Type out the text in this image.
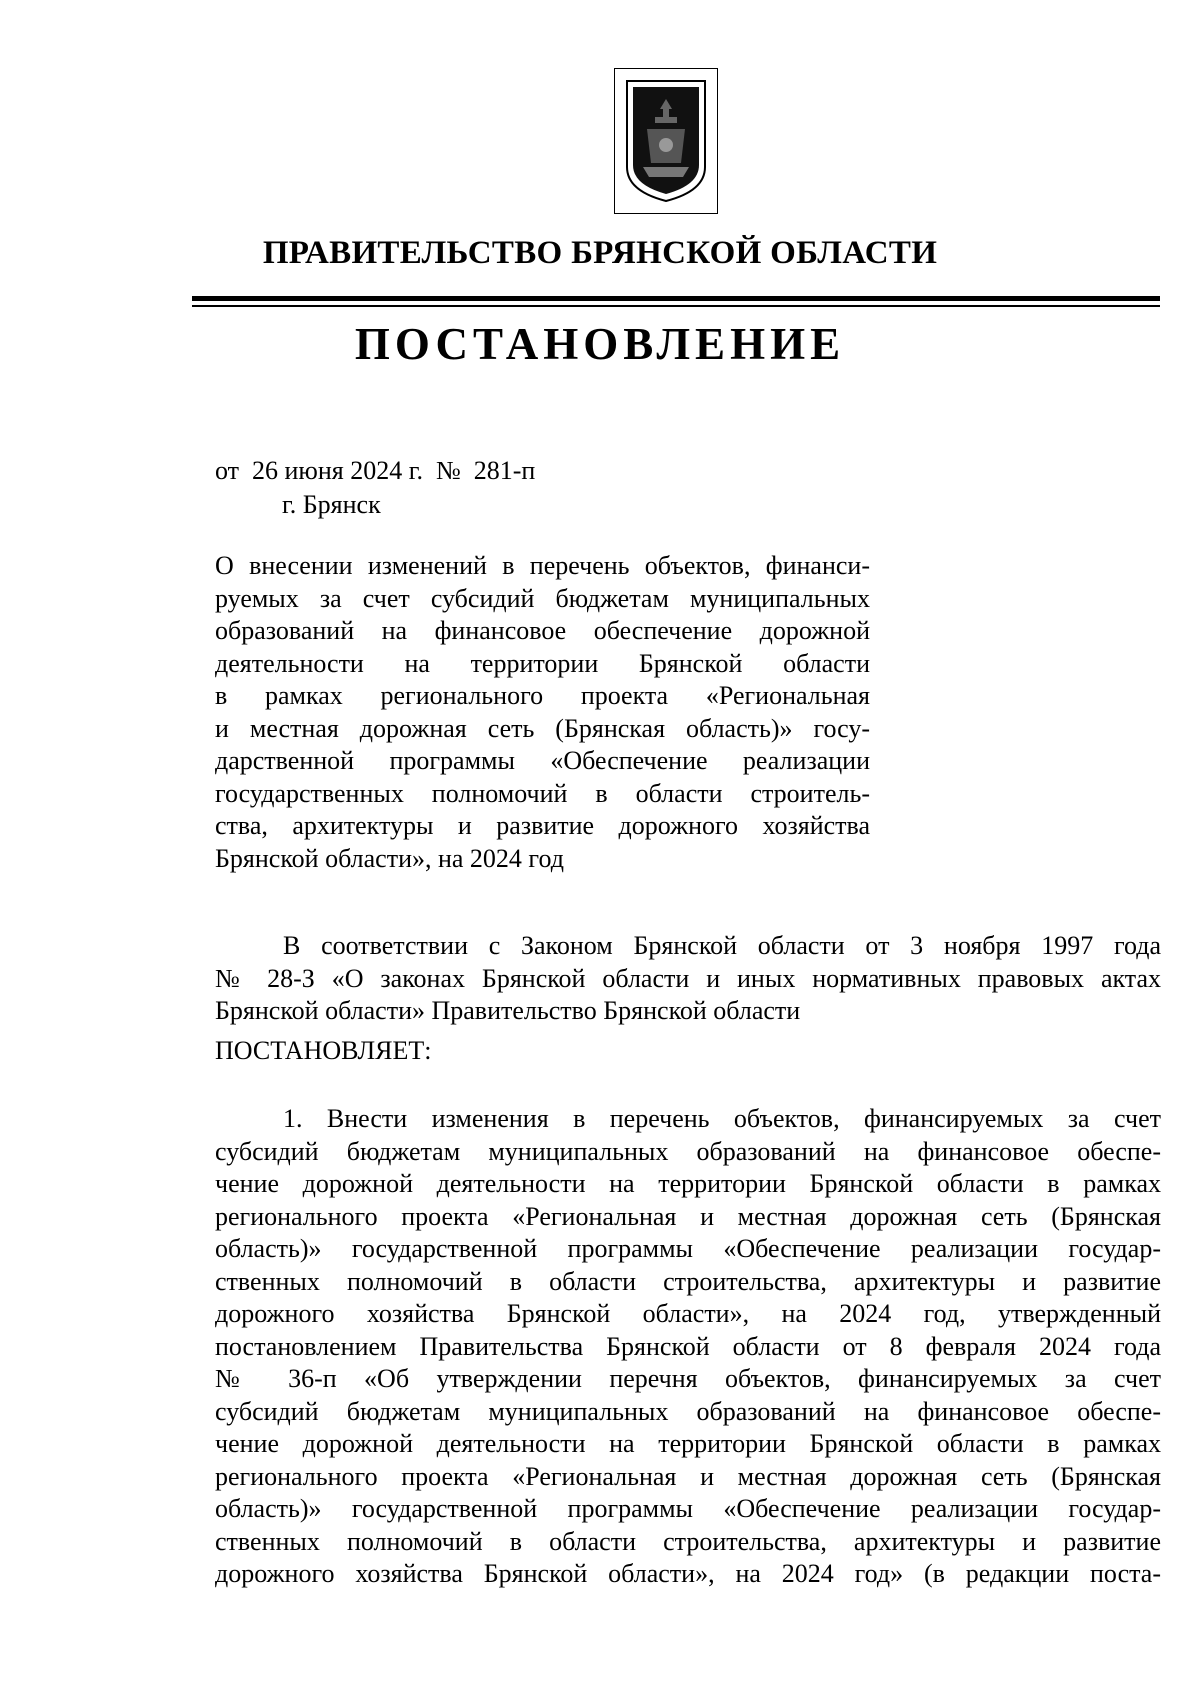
ПРАВИТЕЛЬСТВО БРЯНСКОЙ ОБЛАСТИ
ПОСТАНОВЛЕНИЕ
от  26 июня 2024 г.  №  281-п
г. Брянск
О внесении изменений в перечень объектов, финанси-
руемых за счет субсидий бюджетам муниципальных
образований на финансовое обеспечение дорожной
деятельности на территории Брянской области
в рамках регионального проекта «Региональная
и местная дорожная сеть (Брянская область)» госу-
дарственной программы «Обеспечение реализации
государственных полномочий в области строитель-
ства, архитектуры и развитие дорожного хозяйства
Брянской области», на 2024 год
В соответствии с Законом Брянской области от 3 ноября 1997 года
№ 28-З «О законах Брянской области и иных нормативных правовых актах
Брянской области» Правительство Брянской области
ПОСТАНОВЛЯЕТ:
1. Внести изменения в перечень объектов, финансируемых за счет
субсидий бюджетам муниципальных образований на финансовое обеспе-
чение дорожной деятельности на территории Брянской области в рамках
регионального проекта «Региональная и местная дорожная сеть (Брянская
область)» государственной программы «Обеспечение реализации государ-
ственных полномочий в области строительства, архитектуры и развитие
дорожного хозяйства Брянской области», на 2024 год, утвержденный
постановлением Правительства Брянской области от 8 февраля 2024 года
№ 36-п «Об утверждении перечня объектов, финансируемых за счет
субсидий бюджетам муниципальных образований на финансовое обеспе-
чение дорожной деятельности на территории Брянской области в рамках
регионального проекта «Региональная и местная дорожная сеть (Брянская
область)» государственной программы «Обеспечение реализации государ-
ственных полномочий в области строительства, архитектуры и развитие
дорожного хозяйства Брянской области», на 2024 год» (в редакции поста-
